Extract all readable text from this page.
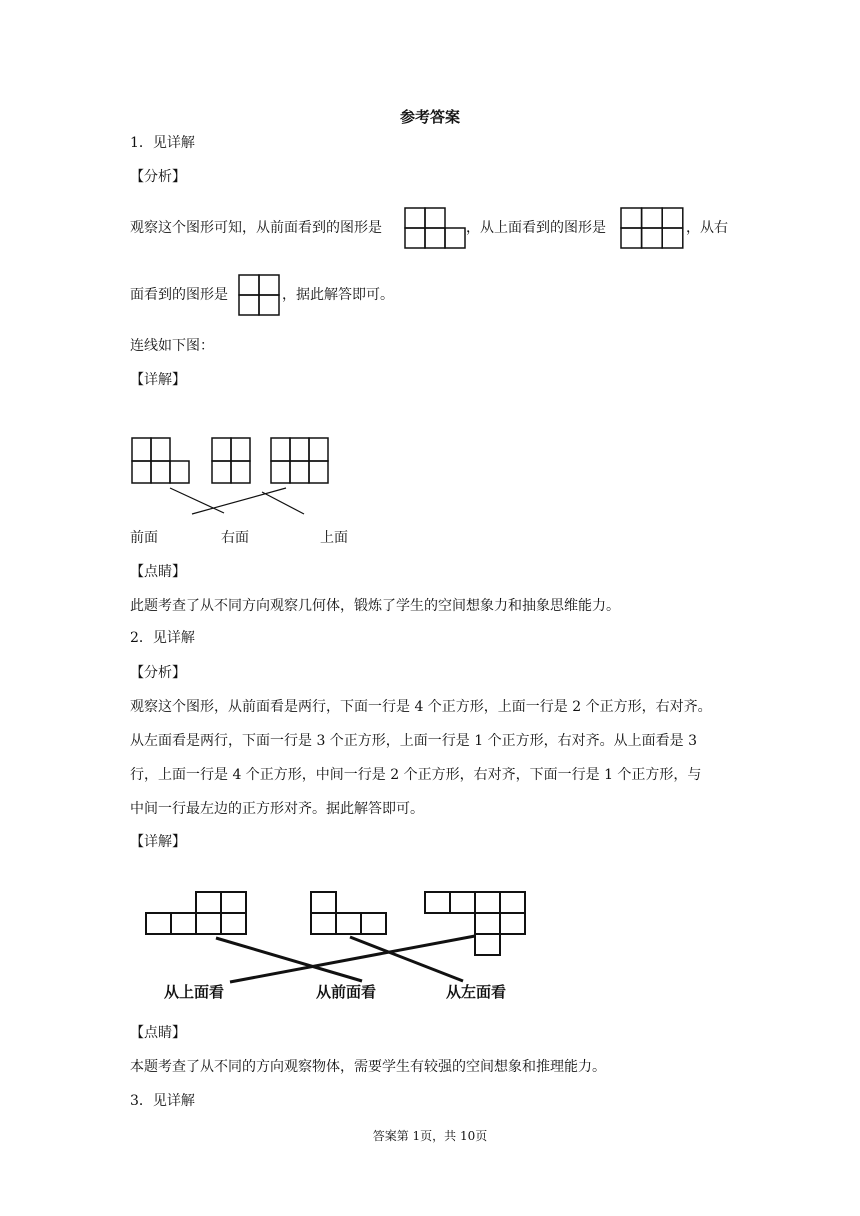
参考答案
1．见详解
【分析】
观察这个图形可知，从前面看到的图形是	，从上面看到的图形是	，从右
面看到的图形是	，据此解答即可。
连线如下图：
【详解】
前面	右面	上面
【点睛】
此题考查了从不同方向观察几何体，锻炼了学生的空间想象力和抽象思维能力。
2．见详解
【分析】
观察这个图形，从前面看是两行，下面一行是 4 个正方形，上面一行是 2 个正方形，右对齐。
从左面看是两行，下面一行是 3 个正方形，上面一行是 1 个正方形，右对齐。从上面看是 3
行，上面一行是 4 个正方形，中间一行是 2 个正方形，右对齐，下面一行是 1 个正方形，与
中间一行最左边的正方形对齐。据此解答即可。
【详解】
从上面看	从前面看	从左面看
【点睛】
本题考查了从不同的方向观察物体，需要学生有较强的空间想象和推理能力。
3．见详解
答案第 1页，共 10页
